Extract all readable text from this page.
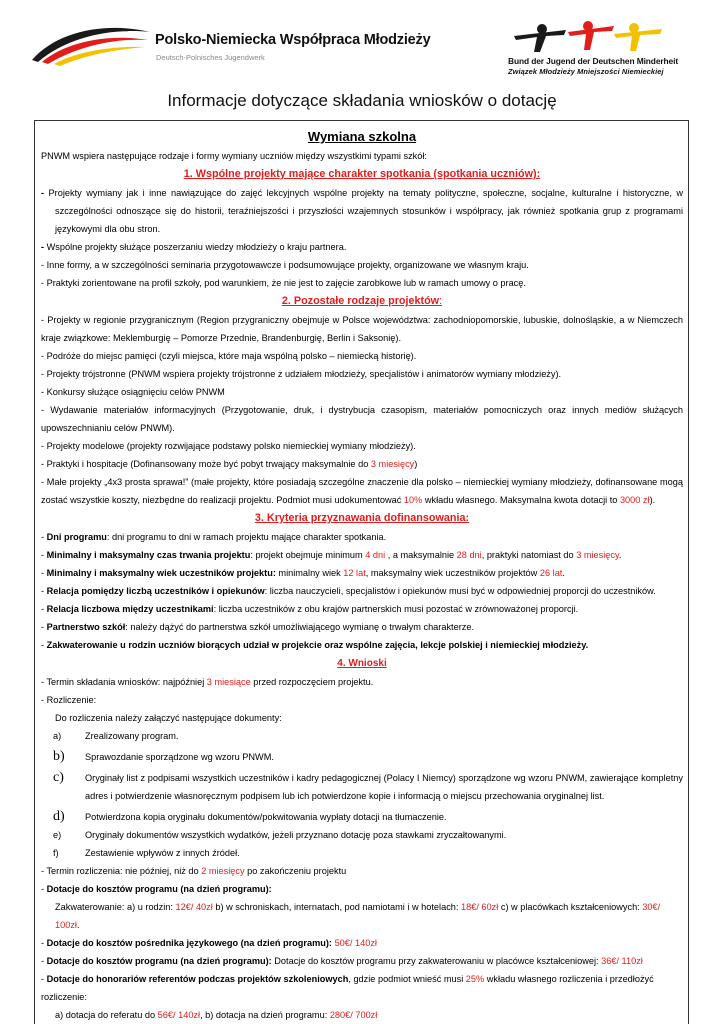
Polsko-Niemiecka Współpraca Młodzieży
Deutsch-Polnisches Jugendwerk	Bund der Jugend der Deutschen Minderheit
Związek Młodzieży Mniejszości Niemieckiej
Informacje dotyczące składania wniosków o dotację

Wymiana szkolna

PNWM wspiera następujące rodzaje i formy wymiany uczniów między wszystkimi typami szkół:

1. Wspólne projekty mające charakter spotkania (spotkania uczniów):

- Projekty wymiany jak i inne nawiązujące do zajęć lekcyjnych wspólne projekty na tematy polityczne, społeczne, socjalne, kulturalne i historyczne, w szczególności odnoszące się do historii, teraźniejszości i przyszłości wzajemnych stosunków i współpracy, jak również spotkania grup z programami językowymi dla obu stron.

- Wspólne projekty służące poszerzaniu wiedzy młodzieży o kraju partnera.

- Inne formy, a w szczególności seminaria przygotowawcze i podsumowujące projekty, organizowane we własnym kraju.

- Praktyki zorientowane na profil szkoły, pod warunkiem, że nie jest to zajęcie zarobkowe lub w ramach umowy o pracę.

2. Pozostałe rodzaje projektów:

- Projekty w regionie przygranicznym (Region przygraniczny obejmuje w Polsce województwa: zachodniopomorskie, lubuskie, dolnośląskie, a w Niemczech kraje związkowe: Meklemburgię – Pomorze Przednie, Brandenburgię, Berlin i Saksonię).

- Podróże do miejsc pamięci (czyli miejsca, które maja wspólną polsko – niemiecką historię).

- Projekty trójstronne (PNWM wspiera projekty trójstronne z udziałem młodzieży, specjalistów i animatorów wymiany młodzieży).

- Konkursy służące osiągnięciu celów PNWM

- Wydawanie materiałów informacyjnych (Przygotowanie, druk, i dystrybucja czasopism, materiałów pomocniczych oraz innych mediów służących upowszechnianiu celów PNWM).

- Projekty modelowe (projekty rozwijające podstawy polsko niemieckiej wymiany młodzieży).

- Praktyki i hospitacje (Dofinansowany może być pobyt trwający maksymalnie do 3 miesięcy)

- Małe projekty „4x3 prosta sprawa!” (małe projekty, które posiadają szczególne znaczenie dla polsko – niemieckiej wymiany młodzieży, dofinansowane mogą zostać wszystkie koszty, niezbędne do realizacji projektu. Podmiot musi udokumentować 10% wkładu własnego. Maksymalna kwota dotacji to 3000 zł).

3. Kryteria przyznawania dofinansowania:

- Dni programu: dni programu to dni w ramach projektu mające charakter spotkania.

- Minimalny i maksymalny czas trwania projektu: projekt obejmuje minimum 4 dni , a maksymalnie 28 dni, praktyki natomiast do 3 miesięcy.

- Minimalny i maksymalny wiek uczestników projektu: minimalny wiek 12 lat, maksymalny wiek uczestników projektów 26 lat.

- Relacja pomiędzy liczbą uczestników i opiekunów: liczba nauczycieli, specjalistów i opiekunów musi być w odpowiedniej proporcji do uczestników.

- Relacja liczbowa między uczestnikami: liczba uczestników z obu krajów partnerskich musi pozostać w zrównoważonej proporcji.

- Partnerstwo szkół: należy dążyć do partnerstwa szkół umożliwiającego wymianę o trwałym charakterze.

- Zakwaterowanie u rodzin uczniów biorących udział w projekcie oraz wspólne zajęcia, lekcje polskiej i niemieckiej młodzieży.

4. Wnioski

- Termin składania wniosków: najpóźniej 3 miesiące przed rozpoczęciem projektu.

- Rozliczenie:

Do rozliczenia należy załączyć następujące dokumenty:

a)	Zrealizowany program.
b)	Sprawozdanie sporządzone wg wzoru PNWM.
c)	Oryginały list z podpisami wszystkich uczestników i kadry pedagogicznej (Polacy I Niemcy) sporządzone wg wzoru PNWM, zawierające kompletny adres i potwierdzenie własnoręcznym podpisem lub ich potwierdzone kopie i informacją o miejscu przechowania oryginalnej list.
d)	Potwierdzona kopia oryginału dokumentów/pokwitowania wypłaty dotacji na tłumaczenie.
e)	Oryginały dokumentów wszystkich wydatków, jeżeli przyznano dotację poza stawkami zryczałtowanymi.
f)	Zestawienie wpływów z innych źródeł.

- Termin rozliczenia: nie później, niż do 2 miesięcy po zakończeniu projektu

- Dotacje do kosztów programu (na dzień programu):

Zakwaterowanie: a) u rodzin: 12€/ 40zł b) w schroniskach, internatach, pod namiotami i w hotelach: 18€/ 60zł c) w placówkach kształceniowych: 30€/ 100zł.

- Dotacje do kosztów pośrednika językowego (na dzień programu): 50€/ 140zł

- Dotacje do kosztów programu (na dzień programu): Dotacje do kosztów programu przy zakwaterowaniu w placówce kształceniowej: 36€/ 110zł

- Dotacje do honorariów referentów podczas projektów szkoleniowych, gdzie podmiot wnieść musi 25% wkładu własnego rozliczenia i przedłożyć rozliczenie:

a) dotacja do referatu do 56€/ 140zł, b) dotacja na dzień programu: 280€/ 700zł
